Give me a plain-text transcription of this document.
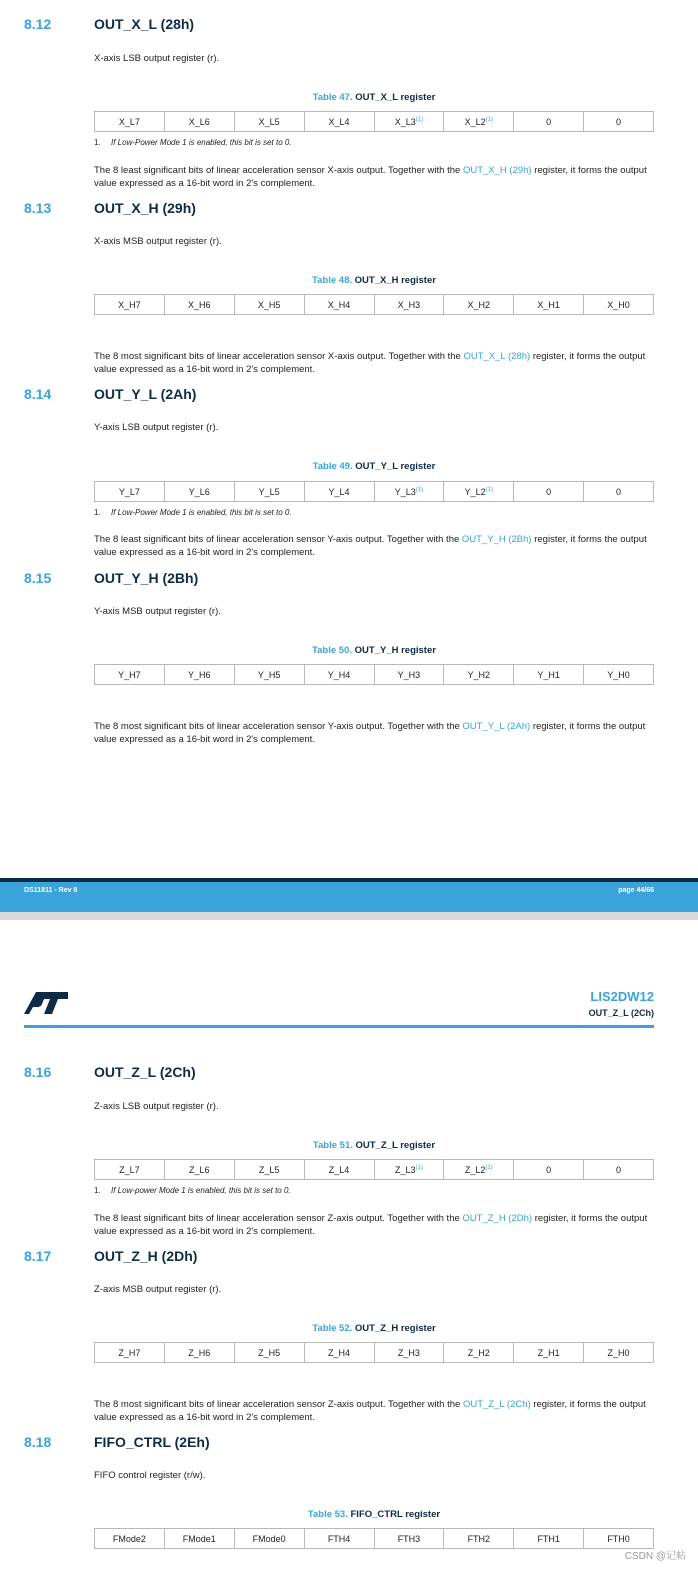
8.12	OUT_X_L (28h)
X-axis LSB output register (r).
Table 47. OUT_X_L register
X_L7	X_L6	X_L5	X_L4	X_L3$^{(1)}$	X_L2$^{(1)}$	0	0
1. If Low-Power Mode 1 is enabled, this bit is set to 0.
The 8 least significant bits of linear acceleration sensor X-axis output. Together with the OUT_X_H (29h) register, it forms the output value expressed as a 16-bit word in 2's complement.
8.13	OUT_X_H (29h)
X-axis MSB output register (r).
Table 48. OUT_X_H register
X_H7	X_H6	X_H5	X_H4	X_H3	X_H2	X_H1	X_H0
The 8 most significant bits of linear acceleration sensor X-axis output. Together with the OUT_X_L (28h) register, it forms the output value expressed as a 16-bit word in 2's complement.
8.14	OUT_Y_L (2Ah)
Y-axis LSB output register (r).
Table 49. OUT_Y_L register
Y_L7	Y_L6	Y_L5	Y_L4	Y_L3$^{(1)}$	Y_L2$^{(1)}$	0	0
1. If Low-Power Mode 1 is enabled, this bit is set to 0.
The 8 least significant bits of linear acceleration sensor Y-axis output. Together with the OUT_Y_H (2Bh) register, it forms the output value expressed as a 16-bit word in 2's complement.
8.15	OUT_Y_H (2Bh)
Y-axis MSB output register (r).
Table 50. OUT_Y_H register
Y_H7	Y_H6	Y_H5	Y_H4	Y_H3	Y_H2	Y_H1	Y_H0
The 8 most significant bits of linear acceleration sensor Y-axis output. Together with the OUT_Y_L (2Ah) register, it forms the output value expressed as a 16-bit word in 2's complement.
DS11811 - Rev 8	page 44/66
LIS2DW12
OUT_Z_L (2Ch)
8.16	OUT_Z_L (2Ch)
Z-axis LSB output register (r).
Table 51. OUT_Z_L register
Z_L7	Z_L6	Z_L5	Z_L4	Z_L3$^{(1)}$	Z_L2$^{(1)}$	0	0
1. If Low-power Mode 1 is enabled, this bit is set to 0.
The 8 least significant bits of linear acceleration sensor Z-axis output. Together with the OUT_Z_H (2Dh) register, it forms the output value expressed as a 16-bit word in 2's complement.
8.17	OUT_Z_H (2Dh)
Z-axis MSB output register (r).
Table 52. OUT_Z_H register
Z_H7	Z_H6	Z_H5	Z_H4	Z_H3	Z_H2	Z_H1	Z_H0
The 8 most significant bits of linear acceleration sensor Z-axis output. Together with the OUT_Z_L (2Ch) register, it forms the output value expressed as a 16-bit word in 2's complement.
8.18	FIFO_CTRL (2Eh)
FIFO control register (r/w).
Table 53. FIFO_CTRL register
FMode2	FMode1	FMode0	FTH4	FTH3	FTH2	FTH1	FTH0
CSDN @记帖
